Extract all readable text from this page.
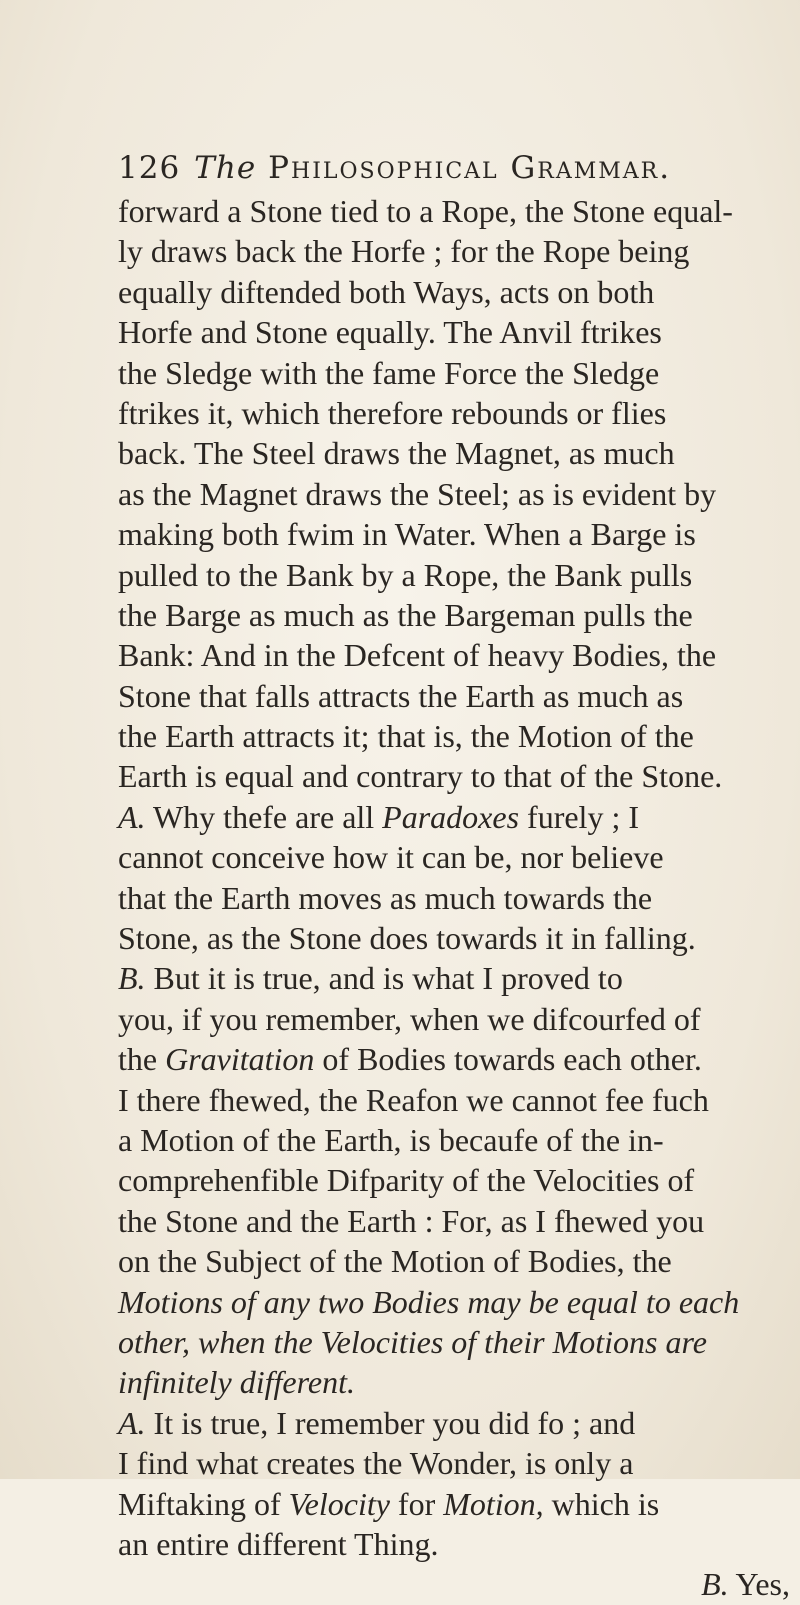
126 The Philosophical Grammar.
forward a Stone tied to a Rope, the Stone equal-
ly draws back the Horfe ; for the Rope being
equally diftended both Ways, acts on both
Horfe and Stone equally. The Anvil ftrikes
the Sledge with the fame Force the Sledge
ftrikes it, which therefore rebounds or flies
back. The Steel draws the Magnet, as much
as the Magnet draws the Steel; as is evident by
making both fwim in Water. When a Barge is
pulled to the Bank by a Rope, the Bank pulls
the Barge as much as the Bargeman pulls the
Bank: And in the Defcent of heavy Bodies, the
Stone that falls attracts the Earth as much as
the Earth attracts it; that is, the Motion of the
Earth is equal and contrary to that of the Stone.
A. Why thefe are all Paradoxes furely ; I
cannot conceive how it can be, nor believe
that the Earth moves as much towards the
Stone, as the Stone does towards it in falling.
B. But it is true, and is what I proved to
you, if you remember, when we difcourfed of
the Gravitation of Bodies towards each other.
I there fhewed, the Reafon we cannot fee fuch
a Motion of the Earth, is becaufe of the in-
comprehenfible Difparity of the Velocities of
the Stone and the Earth : For, as I fhewed you
on the Subject of the Motion of Bodies, the
Motions of any two Bodies may be equal to each
other, when the Velocities of their Motions are
infinitely different.
A. It is true, I remember you did fo ; and
I find what creates the Wonder, is only a
Miftaking of Velocity for Motion, which is
an entire different Thing.
B. Yes,
